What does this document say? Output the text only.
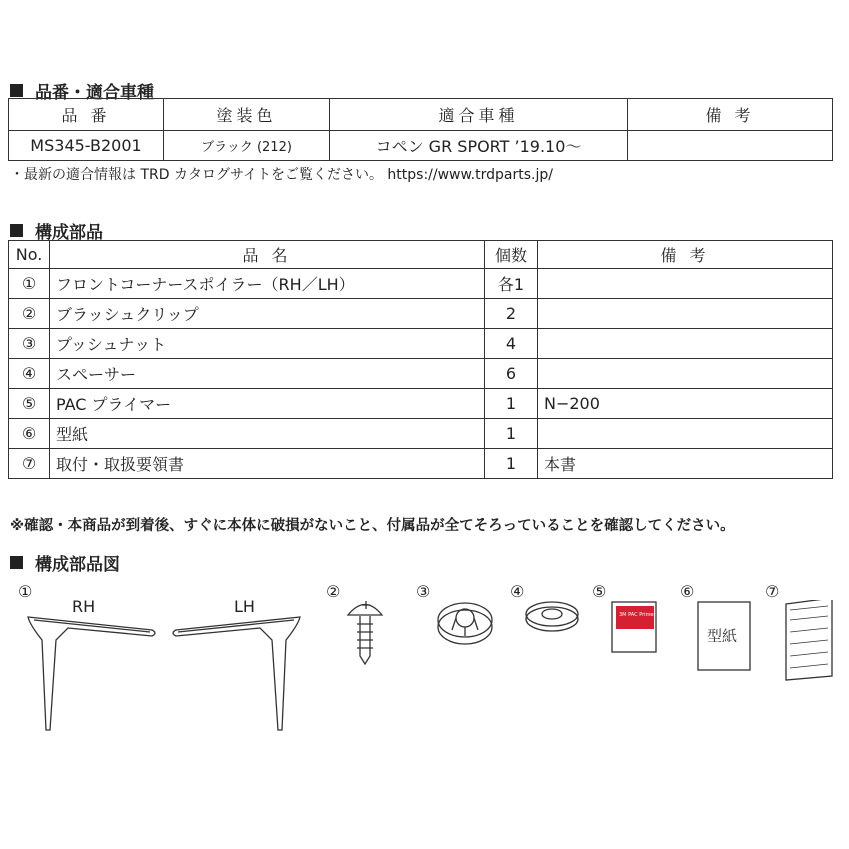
品番・適合車種
品 番	塗装色	適合車種	備 考
MS345-B2001	ブラック (212)	コペン GR SPORT ’19.10～	
・最新の適合情報は TRD カタログサイトをご覧ください。 https://www.trdparts.jp/
構成部品
No.	品 名	個数	備 考
①	フロントコーナースポイラー（RH／LH）	各1	
②	ブラッシュクリップ	2	
③	プッシュナット	4	
④	スペーサー	6	
⑤	PAC プライマー	1	N−200
⑥	型紙	1	
⑦	取付・取扱要領書	1	本書
※確認・本商品が到着後、すぐに本体に破損がないこと、付属品が全てそろっていることを確認してください。
構成部品図
①
RH	LH
②	③	④	⑤	⑥	⑦
3M PAC Primer N-200
型紙
